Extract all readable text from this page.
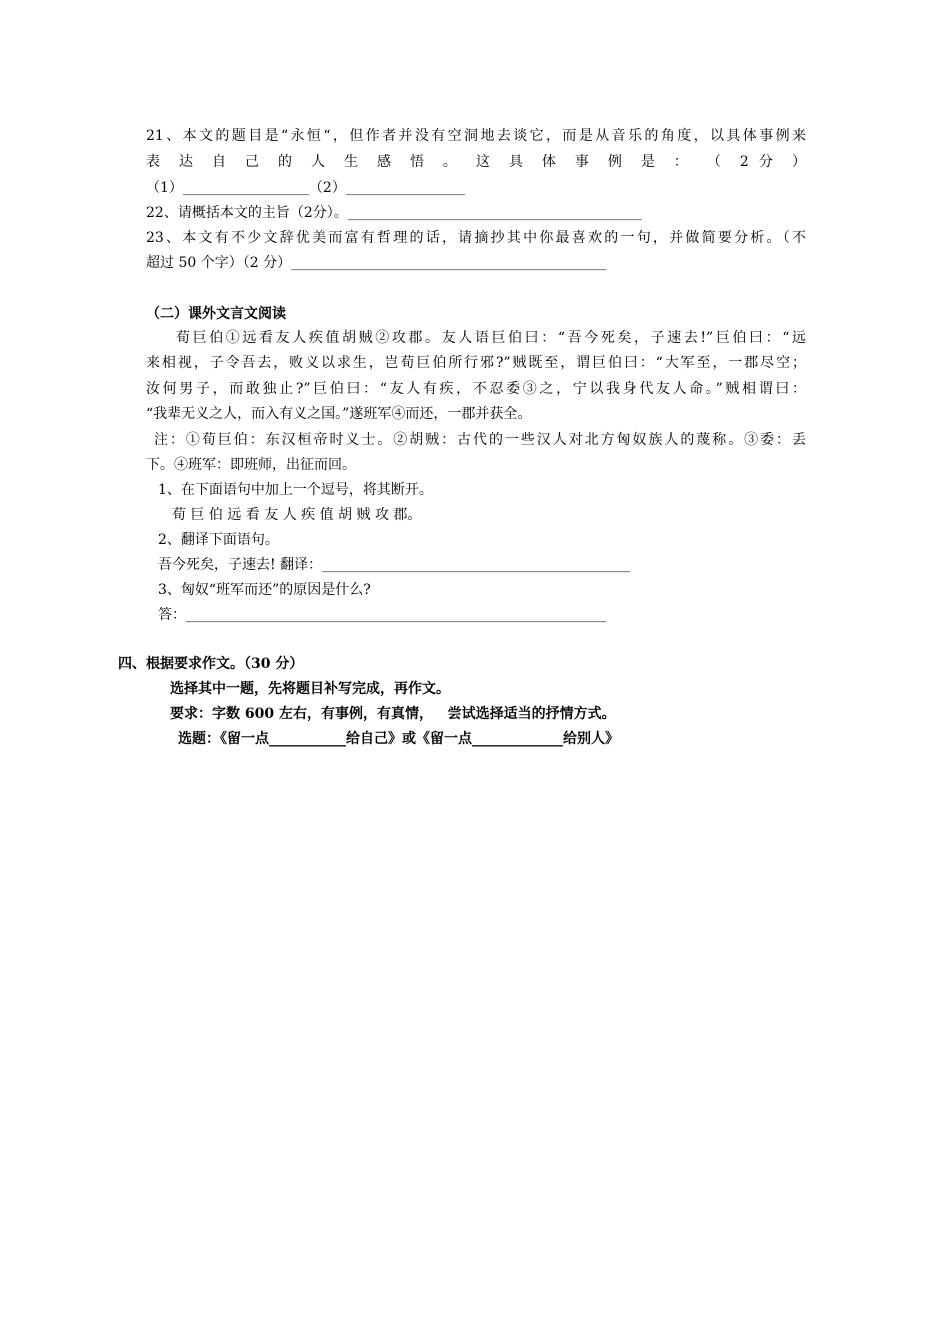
21、本文的题目是“永恒“，但作者并没有空洞地去谈它，而是从音乐的角度，以具体事例来
表 达 自 己 的 人 生 感 悟 。 这 具 体 事 例 是 ： （ 2 分 ）
（1）__________________（2）_________________
22、请概括本文的主旨（2分）。__________________________________________
23、本文有不少文辞优美而富有哲理的话，请摘抄其中你最喜欢的一句，并做简要分析。（不
超过 50 个字）（2 分）_____________________________________________
（二）课外文言文阅读
荀巨伯①远看友人疾值胡贼②攻郡。友人语巨伯曰：“吾今死矣，子速去!”巨伯曰：“远
来相视，子令吾去，败义以求生，岂荀巨伯所行邪?”贼既至，谓巨伯曰：“大军至，一郡尽空；
汝何男子，而敢独止?”巨伯曰：“友人有疾，不忍委③之，宁以我身代友人命。”贼相谓曰：
“我辈无义之人，而入有义之国。”遂班军④而还，一郡并获全。
注：①荀巨伯：东汉桓帝时义士。②胡贼：古代的一些汉人对北方匈奴族人的蔑称。③委：丢
下。④班军：即班师，出征而回。
1、在下面语句中加上一个逗号，将其断开。
荀 巨 伯 远 看 友 人 疾 值 胡 贼 攻 郡。
2、翻译下面语句。
吾今死矣，子速去! 翻译：____________________________________________
3、匈奴“班军而还”的原因是什么?
答：____________________________________________________________
四、根据要求作文。（30 分）
选择其中一题，先将题目补写完成，再作文。
要求：字数 600 左右，有事例，有真情，   尝试选择适当的抒情方式。
选题：《留一点___________给自己》或《留一点_____________给别人》
